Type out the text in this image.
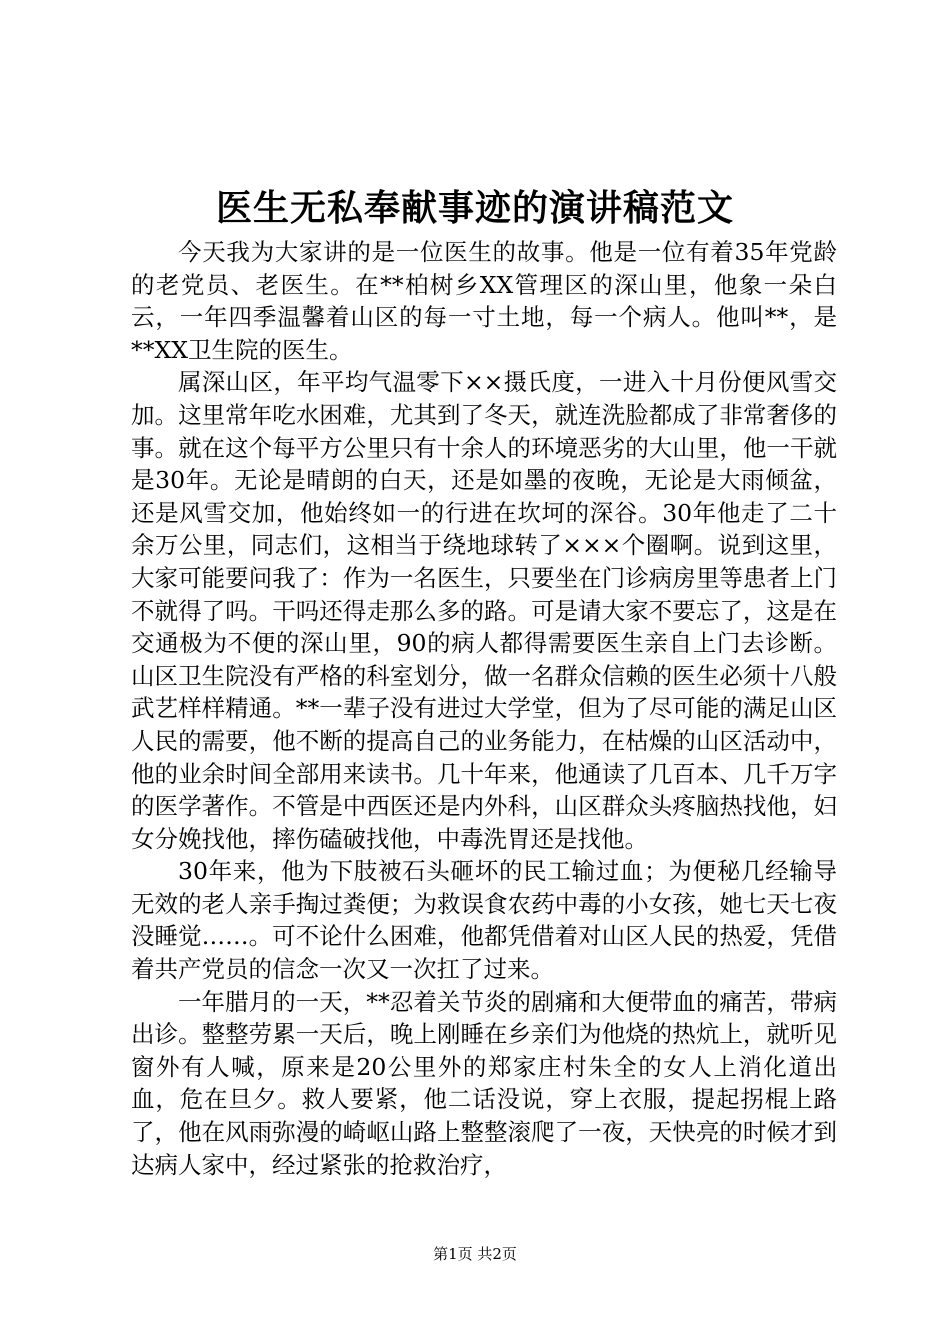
医生无私奉献事迹的演讲稿范文

今天我为大家讲的是一位医生的故事。他是一位有着35年党龄的老党员、老医生。在**柏树乡XX管理区的深山里，他象一朵白云，一年四季温馨着山区的每一寸土地，每一个病人。他叫**，是**XX卫生院的医生。

属深山区，年平均气温零下××摄氏度，一进入十月份便风雪交加。这里常年吃水困难，尤其到了冬天，就连洗脸都成了非常奢侈的事。就在这个每平方公里只有十余人的环境恶劣的大山里，他一干就是30年。无论是晴朗的白天，还是如墨的夜晚，无论是大雨倾盆，还是风雪交加，他始终如一的行进在坎坷的深谷。30年他走了二十余万公里，同志们，这相当于绕地球转了×××个圈啊。说到这里，大家可能要问我了：作为一名医生，只要坐在门诊病房里等患者上门不就得了吗。干吗还得走那么多的路。可是请大家不要忘了，这是在交通极为不便的深山里，90的病人都得需要医生亲自上门去诊断。山区卫生院没有严格的科室划分，做一名群众信赖的医生必须十八般武艺样样精通。**一辈子没有进过大学堂，但为了尽可能的满足山区人民的需要，他不断的提高自己的业务能力，在枯燥的山区活动中，他的业余时间全部用来读书。几十年来，他通读了几百本、几千万字的医学著作。不管是中西医还是内外科，山区群众头疼脑热找他，妇女分娩找他，摔伤磕破找他，中毒洗胃还是找他。

30年来，他为下肢被石头砸坏的民工输过血；为便秘几经输导无效的老人亲手掏过粪便；为救误食农药中毒的小女孩，她七天七夜没睡觉……。可不论什么困难，他都凭借着对山区人民的热爱，凭借着共产党员的信念一次又一次扛了过来。

一年腊月的一天，**忍着关节炎的剧痛和大便带血的痛苦，带病出诊。整整劳累一天后，晚上刚睡在乡亲们为他烧的热炕上，就听见窗外有人喊，原来是20公里外的郑家庄村朱全的女人上消化道出血，危在旦夕。救人要紧，他二话没说，穿上衣服，提起拐棍上路了，他在风雨弥漫的崎岖山路上整整滚爬了一夜，天快亮的时候才到达病人家中，经过紧张的抢救治疗，

第1页 共2页
